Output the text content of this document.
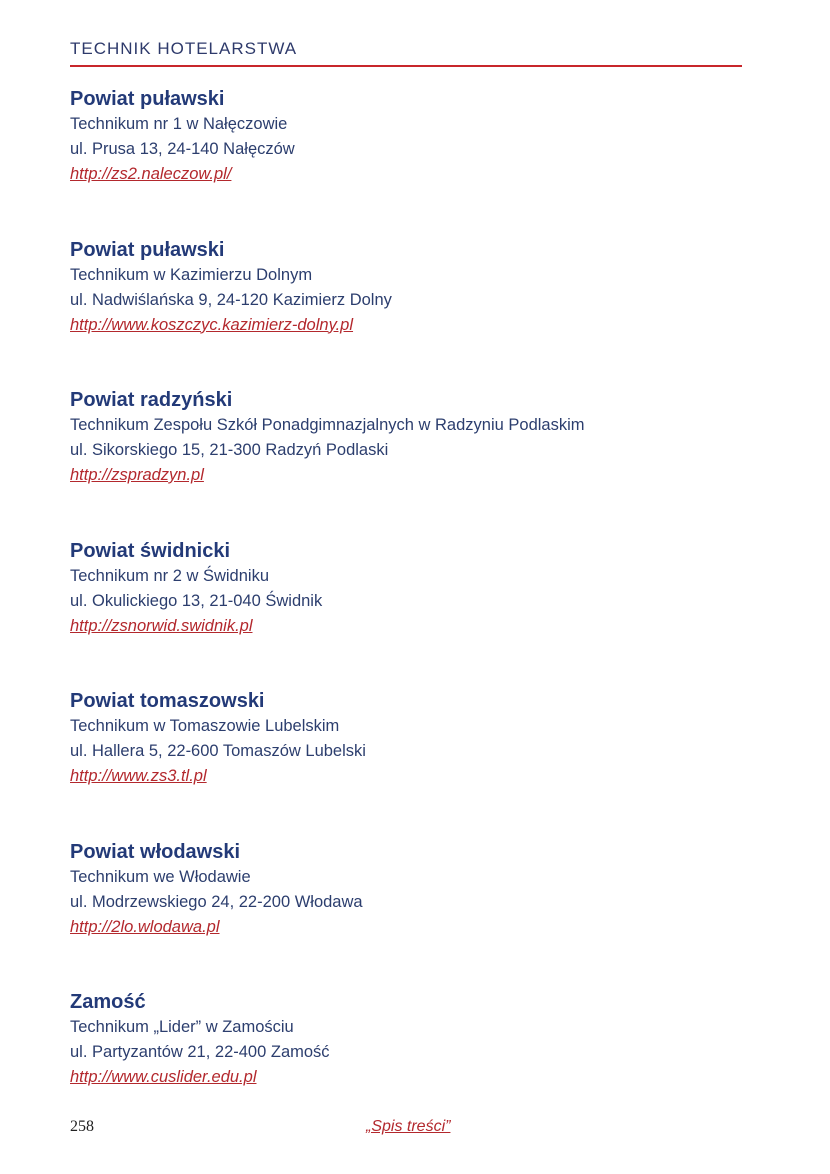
TECHNIK HOTELARSTWA
Powiat puławski
Technikum nr 1 w Nałęczowie
ul. Prusa 13, 24-140 Nałęczów
http://zs2.naleczow.pl/
Powiat puławski
Technikum w Kazimierzu Dolnym
ul. Nadwiślańska 9, 24-120 Kazimierz Dolny
http://www.koszczyc.kazimierz-dolny.pl
Powiat radzyński
Technikum Zespołu Szkół Ponadgimnazjalnych w Radzyniu Podlaskim
ul. Sikorskiego 15, 21-300 Radzyń Podlaski
http://zspradzyn.pl
Powiat świdnicki
Technikum nr 2 w Świdniku
ul. Okulickiego 13, 21-040 Świdnik
http://zsnorwid.swidnik.pl
Powiat tomaszowski
Technikum w Tomaszowie Lubelskim
ul. Hallera 5, 22-600 Tomaszów Lubelski
http://www.zs3.tl.pl
Powiat włodawski
Technikum we Włodawie
ul. Modrzewskiego 24, 22-200 Włodawa
http://2lo.wlodawa.pl
Zamość
Technikum „Lider” w Zamościu
ul. Partyzantów 21, 22-400 Zamość
http://www.cuslider.edu.pl
258	„Spis treści”
